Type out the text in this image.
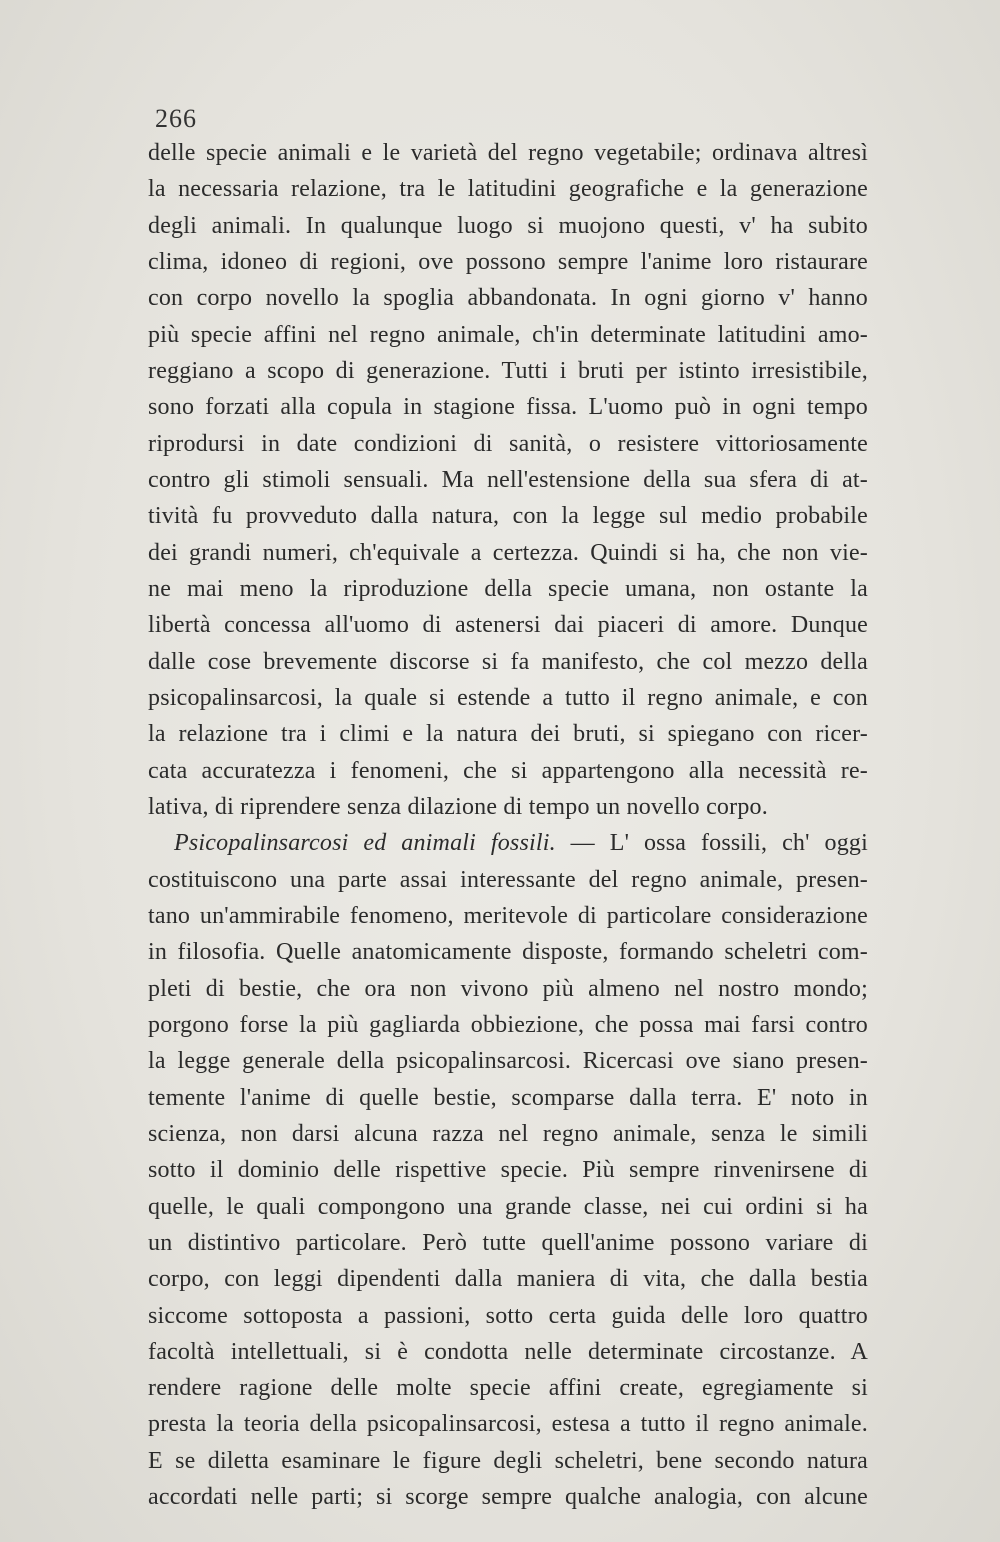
266
delle specie animali e le varietà del regno vegetabile; ordinava altresì
la necessaria relazione, tra le latitudini geografiche e la generazione
degli animali. In qualunque luogo si muojono questi, v' ha subito
clima, idoneo di regioni, ove possono sempre l'anime loro ristaurare
con corpo novello la spoglia abbandonata. In ogni giorno v' hanno
più specie affini nel regno animale, ch'in determinate latitudini amo-
reggiano a scopo di generazione. Tutti i bruti per istinto irresistibile,
sono forzati alla copula in stagione fissa. L'uomo può in ogni tempo
riprodursi in date condizioni di sanità, o resistere vittoriosamente
contro gli stimoli sensuali. Ma nell'estensione della sua sfera di at-
tività fu provveduto dalla natura, con la legge sul medio probabile
dei grandi numeri, ch'equivale a certezza. Quindi si ha, che non vie-
ne mai meno la riproduzione della specie umana, non ostante la
libertà concessa all'uomo di astenersi dai piaceri di amore. Dunque
dalle cose brevemente discorse si fa manifesto, che col mezzo della
psicopalinsarcosi, la quale si estende a tutto il regno animale, e con
la relazione tra i climi e la natura dei bruti, si spiegano con ricer-
cata accuratezza i fenomeni, che si appartengono alla necessità re-
lativa, di riprendere senza dilazione di tempo un novello corpo.
Psicopalinsarcosi ed animali fossili. — L' ossa fossili, ch' oggi
costituiscono una parte assai interessante del regno animale, presen-
tano un'ammirabile fenomeno, meritevole di particolare considerazione
in filosofia. Quelle anatomicamente disposte, formando scheletri com-
pleti di bestie, che ora non vivono più almeno nel nostro mondo;
porgono forse la più gagliarda obbiezione, che possa mai farsi contro
la legge generale della psicopalinsarcosi. Ricercasi ove siano presen-
temente l'anime di quelle bestie, scomparse dalla terra. E' noto in
scienza, non darsi alcuna razza nel regno animale, senza le simili
sotto il dominio delle rispettive specie. Più sempre rinvenirsene di
quelle, le quali compongono una grande classe, nei cui ordini si ha
un distintivo particolare. Però tutte quell'anime possono variare di
corpo, con leggi dipendenti dalla maniera di vita, che dalla bestia
siccome sottoposta a passioni, sotto certa guida delle loro quattro
facoltà intellettuali, si è condotta nelle determinate circostanze. A
rendere ragione delle molte specie affini create, egregiamente si
presta la teoria della psicopalinsarcosi, estesa a tutto il regno animale.
E se diletta esaminare le figure degli scheletri, bene secondo natura
accordati nelle parti; si scorge sempre qualche analogia, con alcune
